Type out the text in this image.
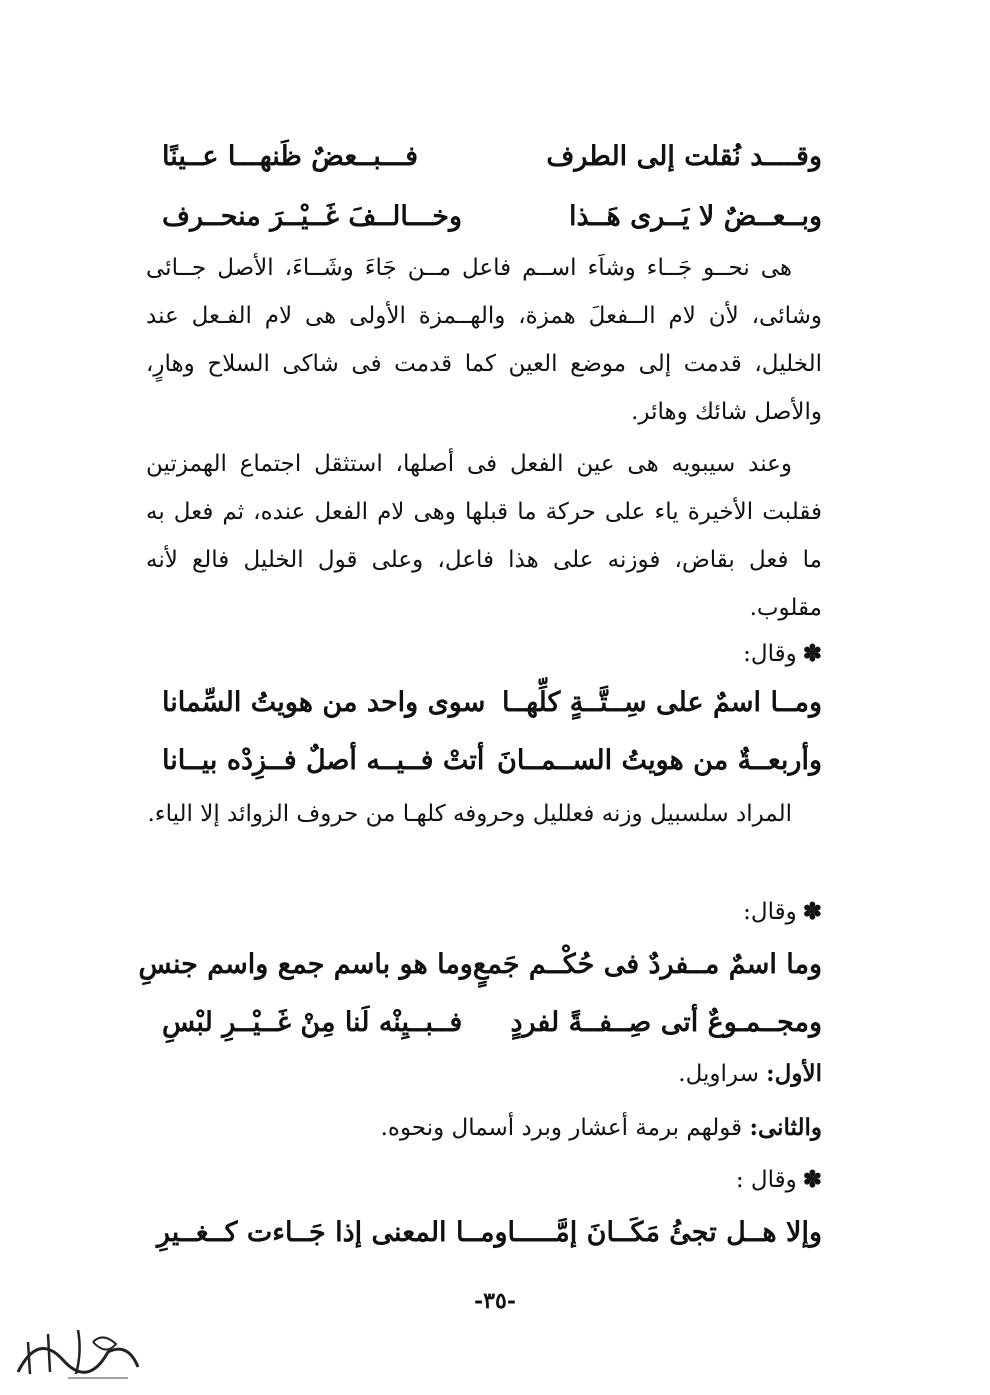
وقــــد نُقلت إلى الطرف
فـــبــعضٌ ظَنهـــا عــينًا
وبــعــضٌ لا يَــرى هَــذا
وخـــالــفَ غَــيْــرَ منحــرف
هى نحــو جَــاء وشاَء اســم فاعل مــن جَاءَ وشَــاءَ، الأصل جــائى وشائى، لأن لام الــفعلَ همزة، والهــمزة الأولى هى لام الفـعل عند الخليل، قدمت إلى موضع العين كما قدمت فى شاكى السلاح وهارٍ، والأصل شائك وهائر.
وعند سيبويه هى عين الفعل فى أصلها، استثقل اجتماع الهمزتين فقلبت الأخيرة ياء على حركة ما قبلها وهى لام الفعل عنده، ثم فعل به ما فعل بقاض، فوزنه على هذا فاعل، وعلى قول الخليل فالع لأنه مقلوب.
✽وقال:
ومــا اسمٌ على سِــتَّــةٍ كلِّهــا
سوى واحد من هويتُ السِّمانا
وأربعــةٌ من هويتُ الســمــانَ
أتتْ فــيــه أصلٌ فــزِدْه بيــانا
المراد سلسبيل وزنه فعلليل وحروفه كلهـا من حروف الزوائد إلا الياء.
✽وقال:
وما اسمٌ مــفردٌ فى حُكْــم جَمعٍ
وما هو باسم جمع واسم جنسِ
ومجــمـوعٌ أتى صِــفــةً لفردٍ
فــبــيِنْه لَنا مِنْ غَــيْــرِ لبْسِ
الأول: سراويل.
والثانى: قولهم برمة أعشار وبرد أسمال ونحوه.
✽وقال :
وإلا هــل تجئُ مَكَــانَ إمَّـــــا
ومــا المعنى إذا جَــاءت كــغــيرِ
-٣٥-
